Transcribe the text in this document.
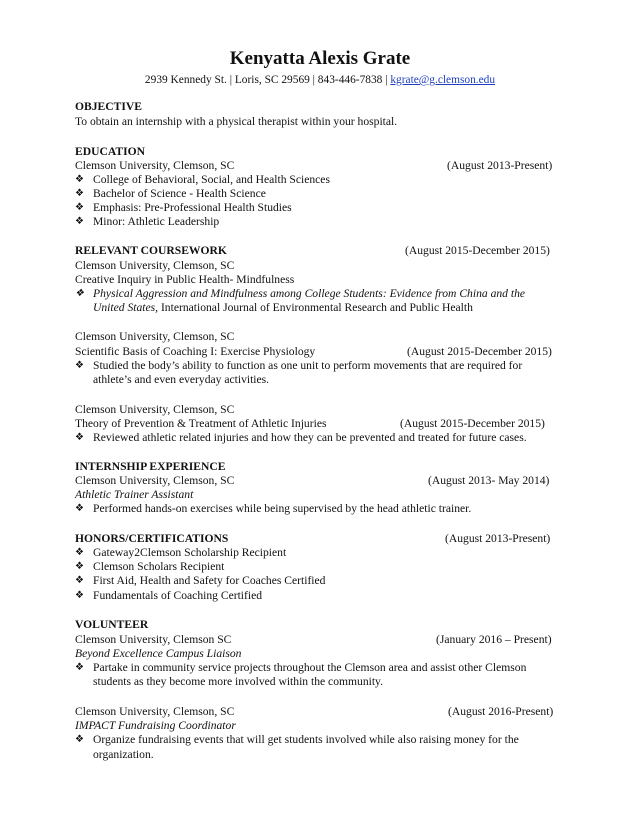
Kenyatta Alexis Grate
2939 Kennedy St. | Loris, SC 29569 | 843-446-7838 | kgrate@g.clemson.edu
OBJECTIVE
To obtain an internship with a physical therapist within your hospital.
EDUCATION
Clemson University, Clemson, SC	(August 2013-Present)
❖ College of Behavioral, Social, and Health Sciences
❖ Bachelor of Science - Health Science
❖ Emphasis: Pre-Professional Health Studies
❖ Minor: Athletic Leadership
RELEVANT COURSEWORK	(August 2015-December 2015)
Clemson University, Clemson, SC
Creative Inquiry in Public Health- Mindfulness
❖ Physical Aggression and Mindfulness among College Students: Evidence from China and the
United States, International Journal of Environmental Research and Public Health
Clemson University, Clemson, SC
Scientific Basis of Coaching I: Exercise Physiology	(August 2015-December 2015)
❖ Studied the body’s ability to function as one unit to perform movements that are required for
athlete’s and even everyday activities.
Clemson University, Clemson, SC
Theory of Prevention & Treatment of Athletic Injuries	(August 2015-December 2015)
❖ Reviewed athletic related injuries and how they can be prevented and treated for future cases.
INTERNSHIP EXPERIENCE
Clemson University, Clemson, SC	(August 2013- May 2014)
Athletic Trainer Assistant
❖ Performed hands-on exercises while being supervised by the head athletic trainer.
HONORS/CERTIFICATIONS	(August 2013-Present)
❖ Gateway2Clemson Scholarship Recipient
❖ Clemson Scholars Recipient
❖ First Aid, Health and Safety for Coaches Certified
❖ Fundamentals of Coaching Certified
VOLUNTEER
Clemson University, Clemson SC	(January 2016 – Present)
Beyond Excellence Campus Liaison
❖ Partake in community service projects throughout the Clemson area and assist other Clemson
students as they become more involved within the community.
Clemson University, Clemson, SC	(August 2016-Present)
IMPACT Fundraising Coordinator
❖ Organize fundraising events that will get students involved while also raising money for the
organization.
